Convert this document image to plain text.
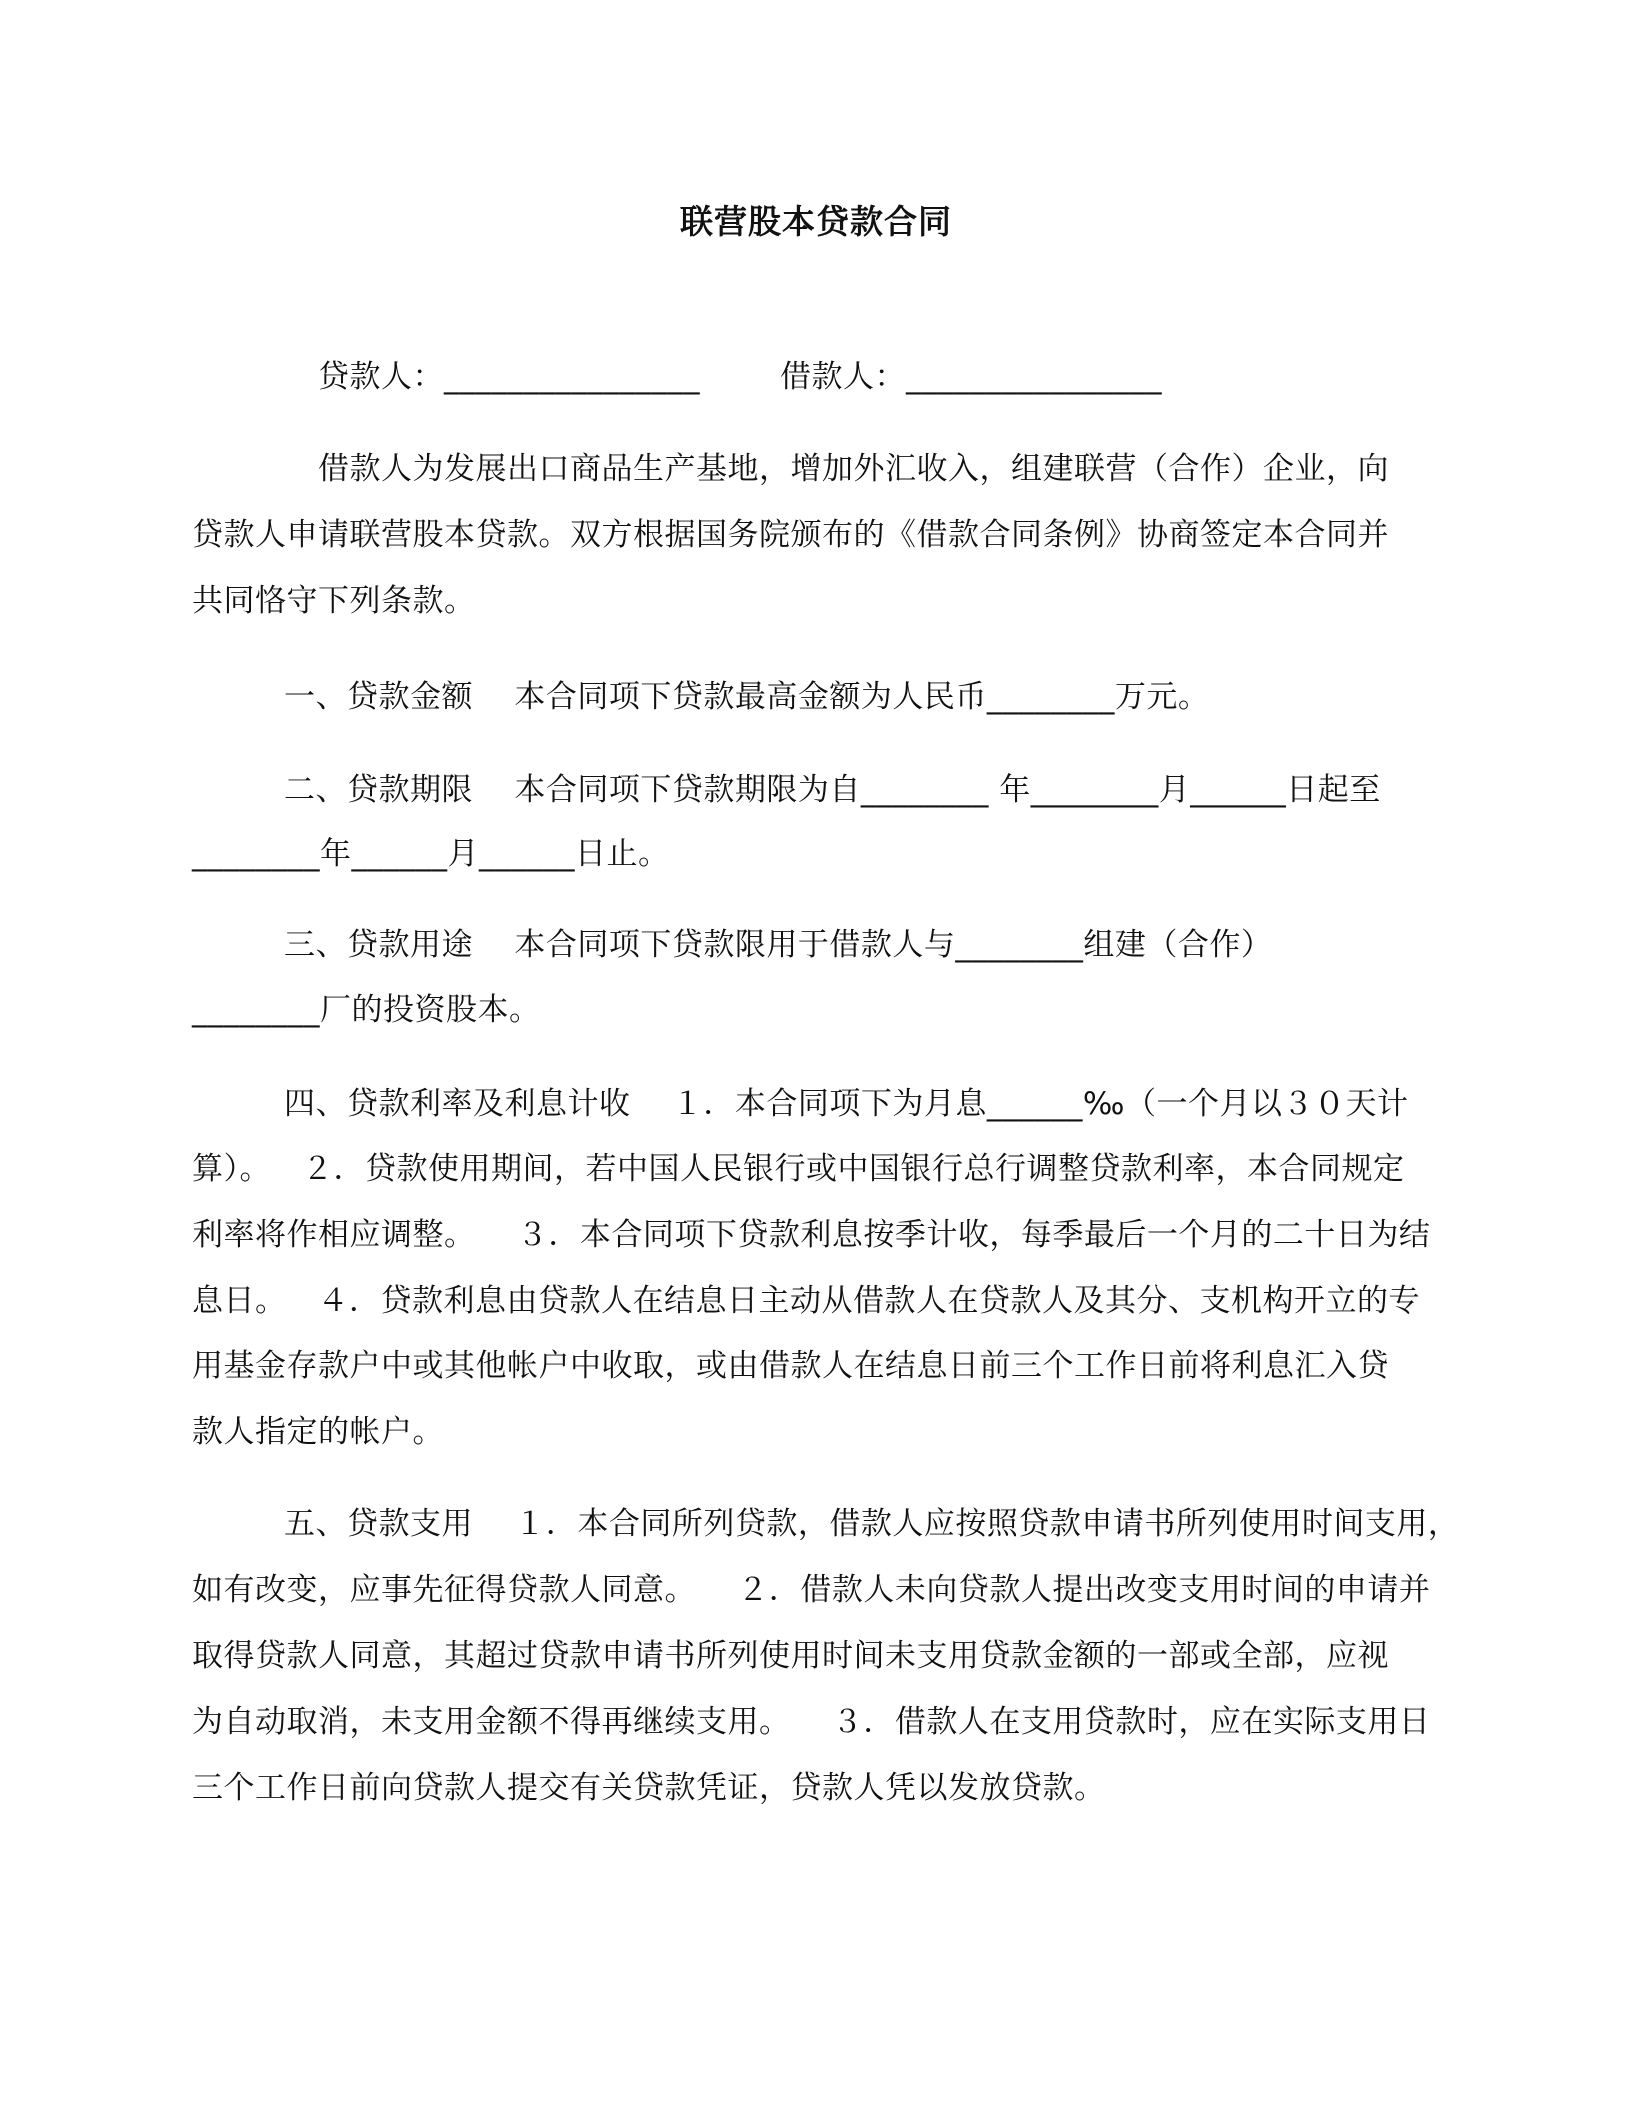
联营股本贷款合同
贷款人：________________	借款人：________________
借款人为发展出口商品生产基地，增加外汇收入，组建联营（合作）企业，向
贷款人申请联营股本贷款。双方根据国务院颁布的《借款合同条例》协商签定本合同并
共同恪守下列条款。
一、贷款金额    本合同项下贷款最高金额为人民币________万元。
二、贷款期限    本合同项下贷款期限为自________ 年________月______日起至
________年______月______日止。
三、贷款用途    本合同项下贷款限用于借款人与________组建（合作）
________厂的投资股本。
四、贷款利率及利息计收    １．本合同项下为月息______‰（一个月以３０天计
算）。   ２．贷款使用期间，若中国人民银行或中国银行总行调整贷款利率，本合同规定
利率将作相应调整。    ３．本合同项下贷款利息按季计收，每季最后一个月的二十日为结
息日。   ４．贷款利息由贷款人在结息日主动从借款人在贷款人及其分、支机构开立的专
用基金存款户中或其他帐户中收取，或由借款人在结息日前三个工作日前将利息汇入贷
款人指定的帐户。
五、贷款支用    １．本合同所列贷款，借款人应按照贷款申请书所列使用时间支用，
如有改变，应事先征得贷款人同意。    ２．借款人未向贷款人提出改变支用时间的申请并
取得贷款人同意，其超过贷款申请书所列使用时间未支用贷款金额的一部或全部，应视
为自动取消，未支用金额不得再继续支用。    ３．借款人在支用贷款时，应在实际支用日
三个工作日前向贷款人提交有关贷款凭证，贷款人凭以发放贷款。
